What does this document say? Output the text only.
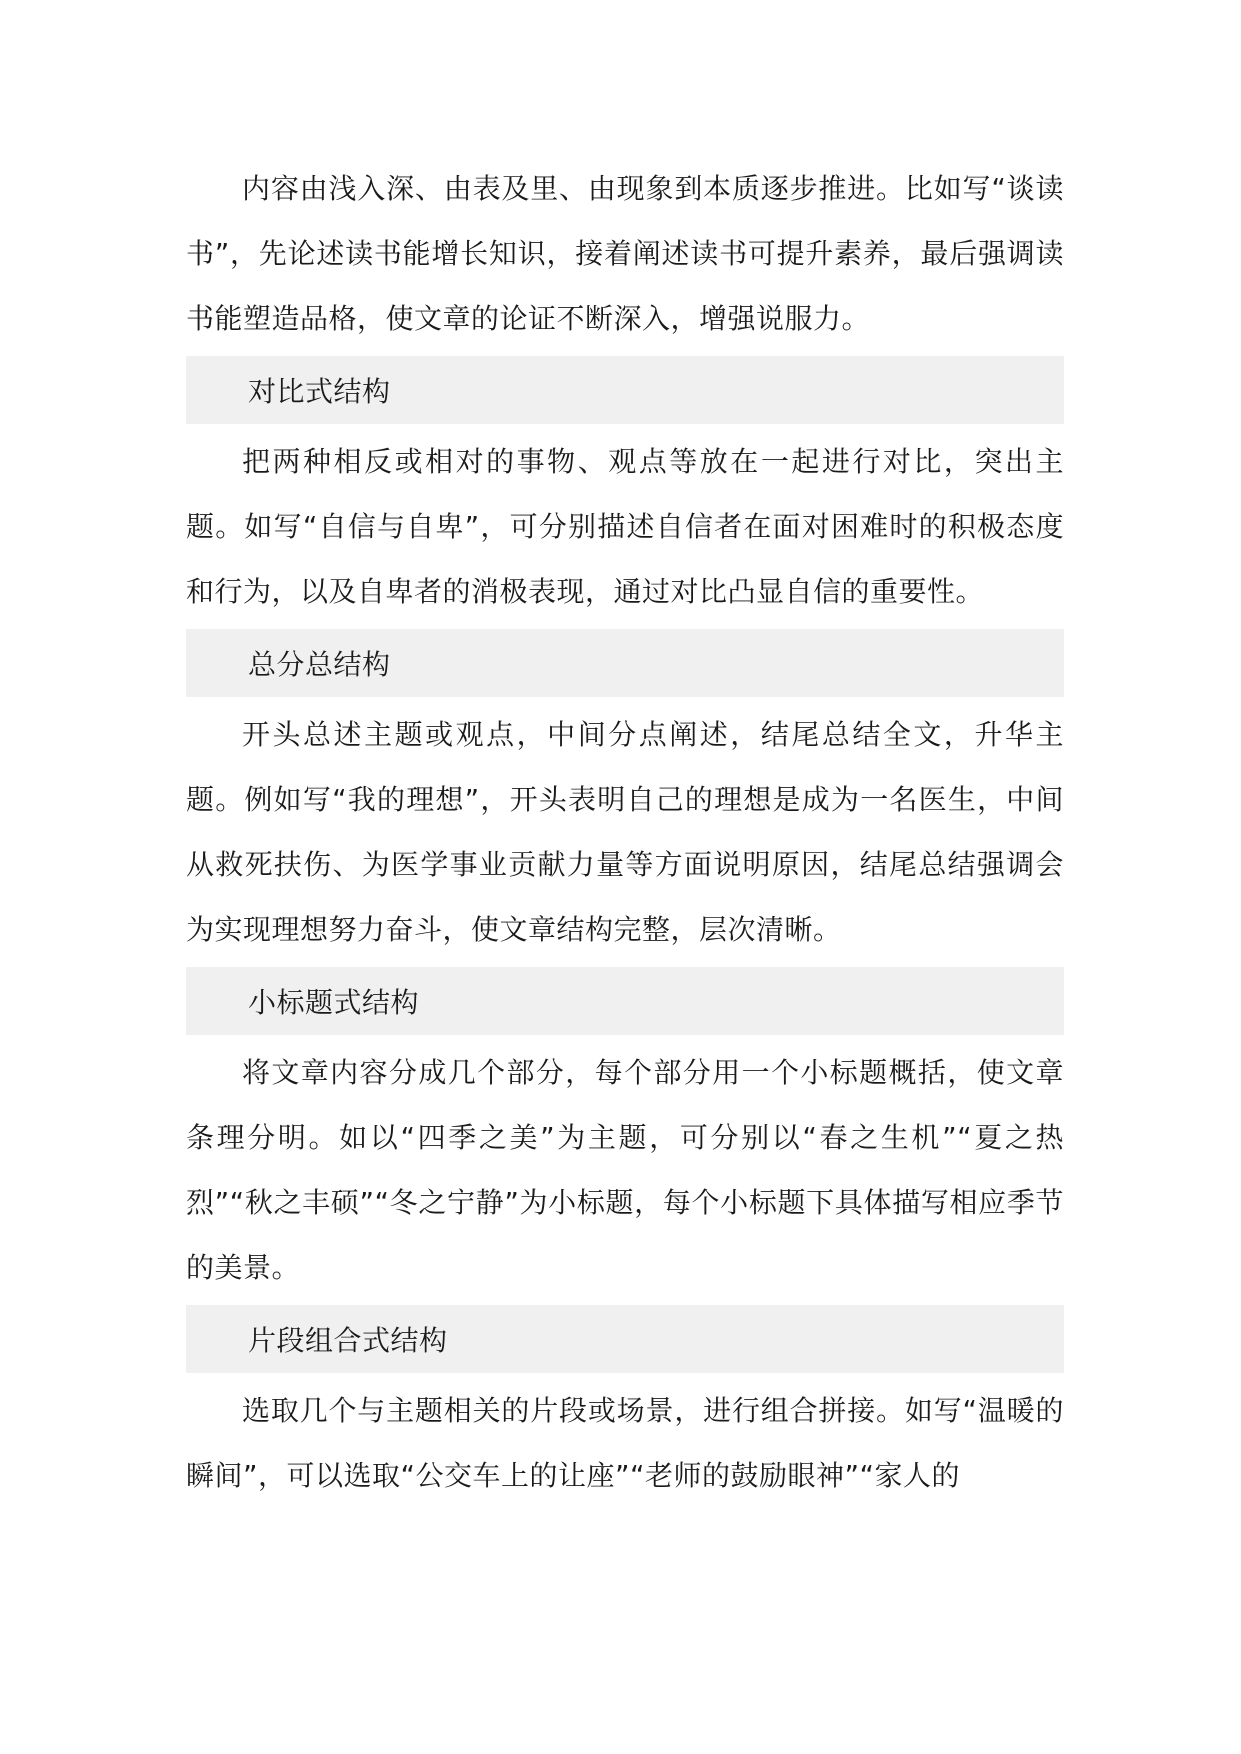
内容由浅入深、由表及里、由现象到本质逐步推进。比如写“谈读书”，先论述读书能增长知识，接着阐述读书可提升素养，最后强调读书能塑造品格，使文章的论证不断深入，增强说服力。

对比式结构

把两种相反或相对的事物、观点等放在一起进行对比，突出主题。如写“自信与自卑”，可分别描述自信者在面对困难时的积极态度和行为，以及自卑者的消极表现，通过对比凸显自信的重要性。

总分总结构

开头总述主题或观点，中间分点阐述，结尾总结全文，升华主题。例如写“我的理想”，开头表明自己的理想是成为一名医生，中间从救死扶伤、为医学事业贡献力量等方面说明原因，结尾总结强调会为实现理想努力奋斗，使文章结构完整，层次清晰。

小标题式结构

将文章内容分成几个部分，每个部分用一个小标题概括，使文章条理分明。如以“四季之美”为主题，可分别以“春之生机”“夏之热烈”“秋之丰硕”“冬之宁静”为小标题，每个小标题下具体描写相应季节的美景。

片段组合式结构

选取几个与主题相关的片段或场景，进行组合拼接。如写“温暖的瞬间”，可以选取“公交车上的让座”“老师的鼓励眼神”“家人的
